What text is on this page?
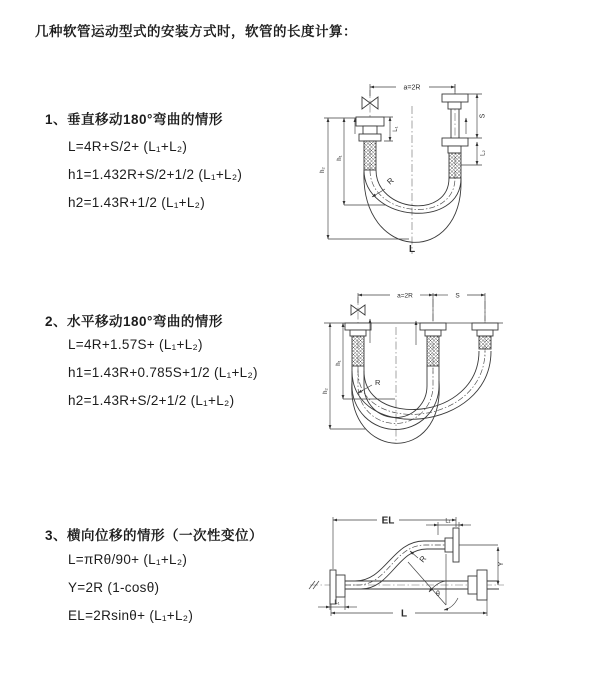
几种软管运动型式的安装方式时，软管的长度计算：
1、垂直移动180°弯曲的情形
L=4R+S/2+ (L₁+L₂)
h1=1.432R+S/2+1/2 (L₁+L₂)
h2=1.43R+1/2 (L₁+L₂)
a=2R
L₁
S
L₂
R
h₁
h₂
L
2、水平移动180°弯曲的情形
L=4R+1.57S+ (L₁+L₂)
h1=1.43R+0.785S+1/2 (L₁+L₂)
h2=1.43R+S/2+1/2 (L₁+L₂)
a=2R	S
R
h₁
h₂
3、横向位移的情形（一次性变位）
L=πRθ/90+ (L₁+L₂)
Y=2R (1-cosθ)
EL=2Rsinθ+ (L₁+L₂)
EL	L₁
Y
θ
R
L₁
L
